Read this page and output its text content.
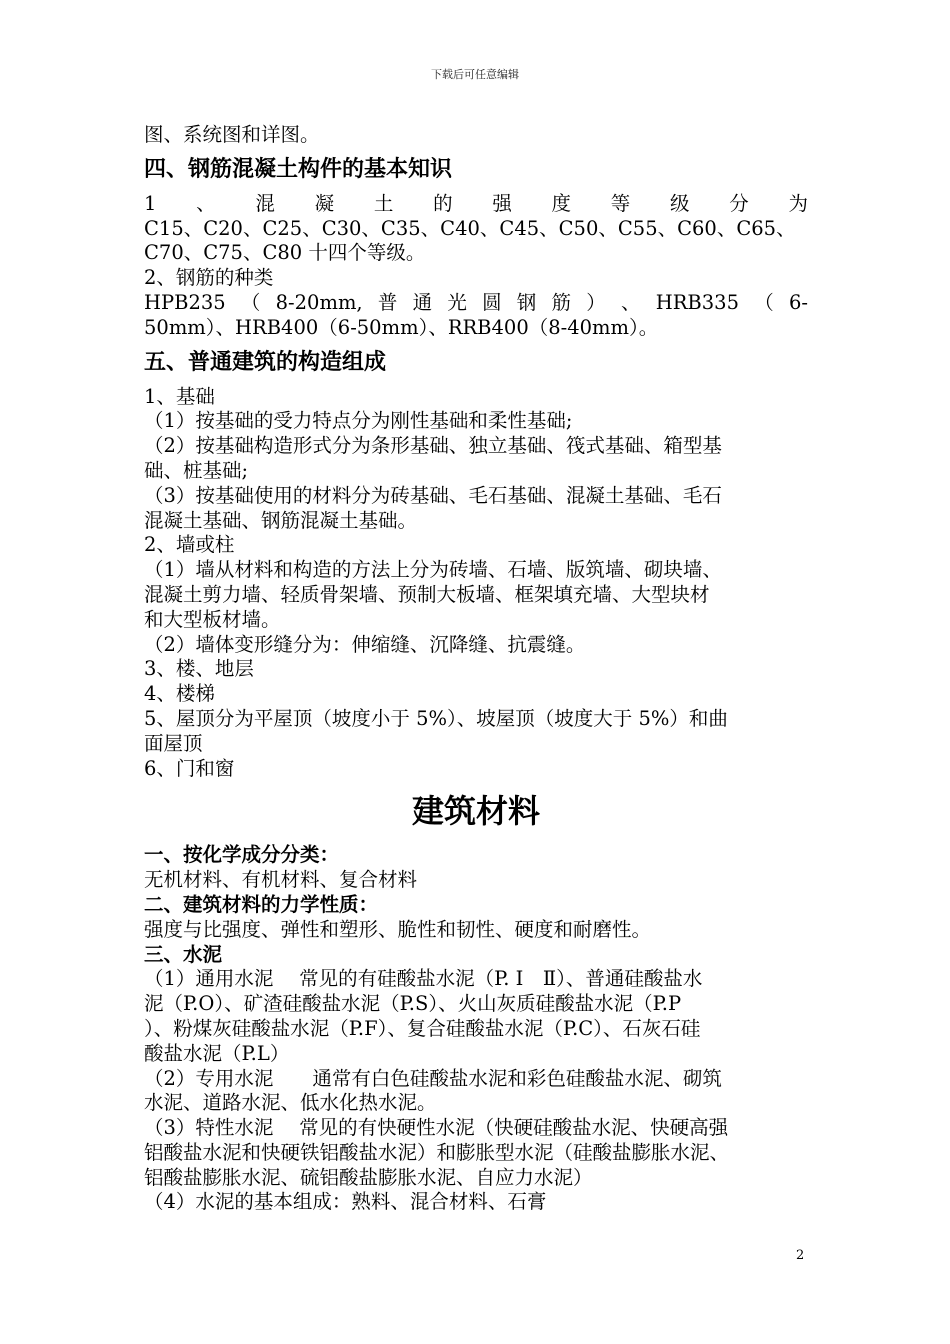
下载后可任意编辑

图、系统图和详图。

四、钢筋混凝土构件的基本知识
1 、 混 凝 土 的 强 度 等 级 分 为

C15、C20、C25、C30、C35、C40、C45、C50、C55、C60、C65、

C70、C75、C80 十四个等级。

2、钢筋的种类

HPB235 （ 8-20mm, 普 通 光 圆 钢 筋 ） 、 HRB335 （ 6-

50mm）、HRB400（6-50mm）、RRB400（8-40mm）。

五、普通建筑的构造组成

1、基础

（1）按基础的受力特点分为刚性基础和柔性基础;

（2）按基础构造形式分为条形基础、独立基础、筏式基础、箱型基

础、桩基础;

（3）按基础使用的材料分为砖基础、毛石基础、混凝土基础、毛石

混凝土基础、钢筋混凝土基础。

2、墙或柱

（1）墙从材料和构造的方法上分为砖墙、石墙、版筑墙、砌块墙、

混凝土剪力墙、轻质骨架墙、预制大板墙、框架填充墙、大型块材

和大型板材墙。

（2）墙体变形缝分为：伸缩缝、沉降缝、抗震缝。

3、楼、地层

4、楼梯

5、屋顶分为平屋顶（坡度小于 5%）、坡屋顶（坡度大于 5%）和曲

面屋顶

6、门和窗

建筑材料
一、按化学成分分类：

无机材料、有机材料、复合材料

二、建筑材料的力学性质：

强度与比强度、弹性和塑形、脆性和韧性、硬度和耐磨性。

三、水泥

（1）通用水泥　 常见的有硅酸盐水泥（P. Ⅰ　Ⅱ）、普通硅酸盐水

泥（P.O）、矿渣硅酸盐水泥（P.S）、火山灰质硅酸盐水泥（P.P

）、粉煤灰硅酸盐水泥（P.F）、复合硅酸盐水泥（P.C）、石灰石硅

酸盐水泥（P.L）

（2）专用水泥　　通常有白色硅酸盐水泥和彩色硅酸盐水泥、砌筑

水泥、道路水泥、低水化热水泥。

（3）特性水泥　 常见的有快硬性水泥（快硬硅酸盐水泥、快硬高强

铝酸盐水泥和快硬铁铝酸盐水泥）和膨胀型水泥（硅酸盐膨胀水泥、

铝酸盐膨胀水泥、硫铝酸盐膨胀水泥、自应力水泥）

（4）水泥的基本组成：熟料、混合材料、石膏

2
